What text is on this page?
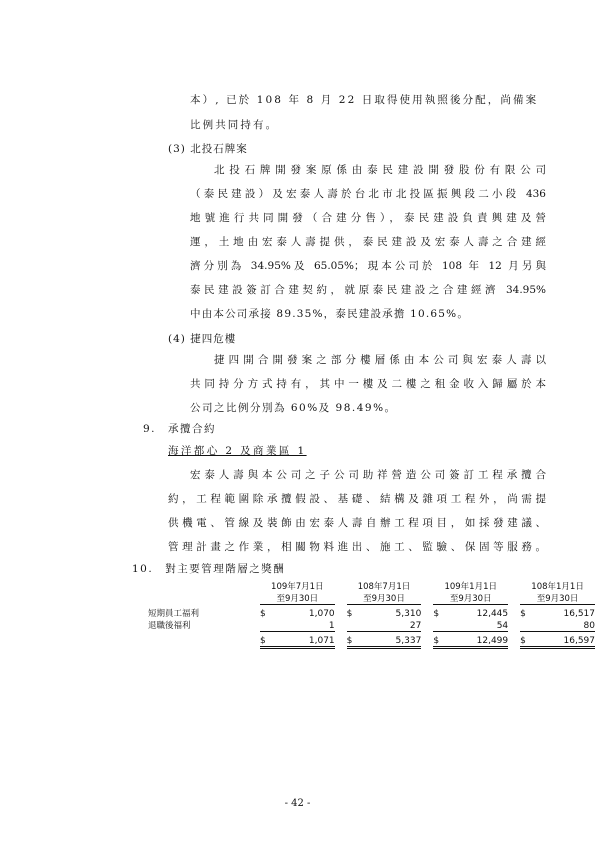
本）, 已於 108 年 8 月 22 日取得使用執照後分配，尚備案
比例共同持有。
(3) 北投石牌案
北投石牌開發案原係由泰民建設開發股份有限公司
（泰民建設）及宏泰人壽於台北市北投區振興段二小段 436
地號進行共同開發（合建分售），泰民建設負責興建及營
運，土地由宏泰人壽提供，泰民建設及宏泰人壽之合建經
濟分別為 34.95%及 65.05%；現本公司於 108 年 12 月另與
泰民建設簽訂合建契約，就原泰民建設之合建經濟 34.95%
中由本公司承接 89.35%，泰民建設承擔 10.65%。
(4) 捷四危樓
捷四開合開發案之部分樓層係由本公司與宏泰人壽以
共同持分方式持有，其中一樓及二樓之租金收入歸屬於本
公司之比例分別為 60%及 98.49%。
9.　承攬合約
海洋都心 2 及商業區 1
宏泰人壽與本公司之子公司助祥營造公司簽訂工程承攬合
約，工程範圍除承攬假設、基礎、結構及雜項工程外，尚需提
供機電、管線及裝飾由宏泰人壽自辦工程項目，如採發建議、
管理計畫之作業，相關物料進出、施工、監驗、保固等服務。
10.　對主要管理階層之獎酬
	109年7月1日			108年7月1日			109年1月1日			108年1月1日	
	至9月30日			至9月30日			至9月30日			至9月30日	
短期員工福利	$	1,070		$	5,310		$	12,445		$	16,517
退職後福利		1			27			54			80
	$	1,071		$	5,337		$	12,499		$	16,597
- 42 -
